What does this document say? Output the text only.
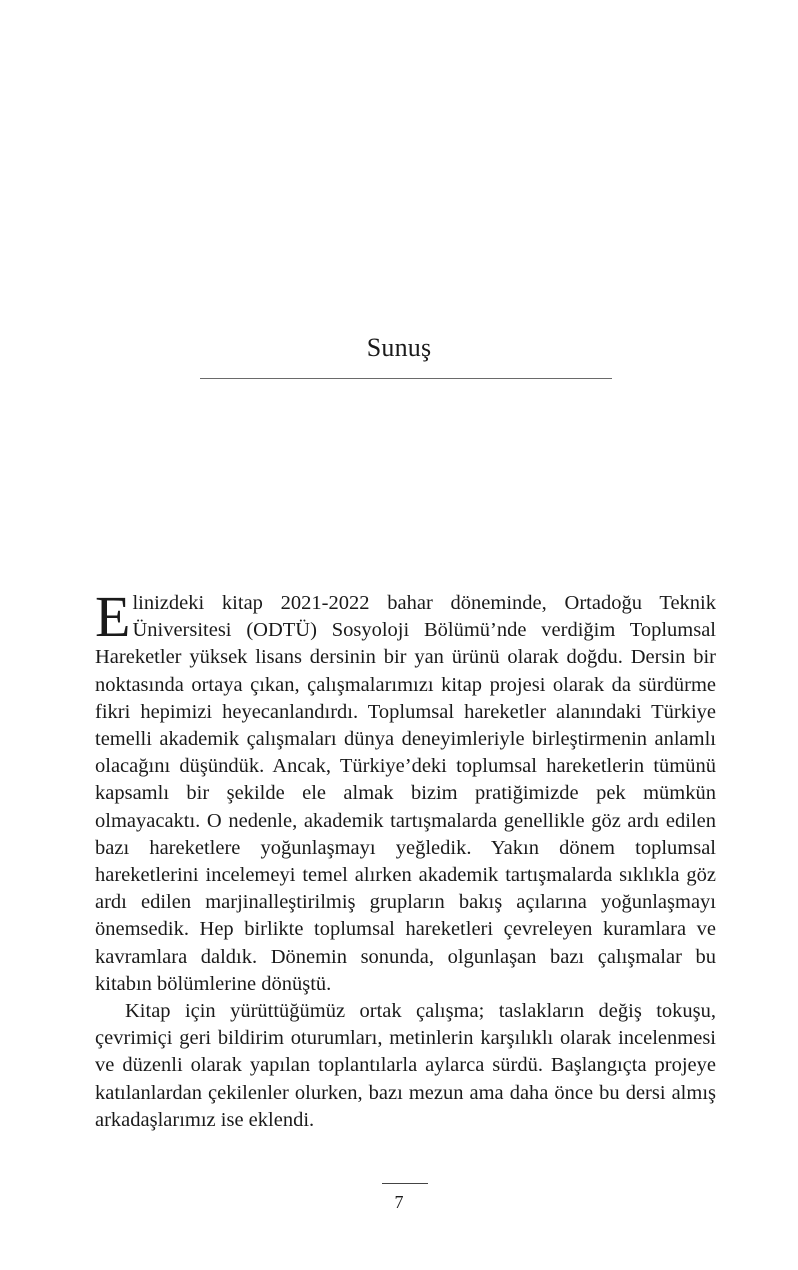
Sunuş

Elinizdeki kitap 2021-2022 bahar döneminde, Ortadoğu Teknik Üniversitesi (ODTÜ) Sosyoloji Bölümü’nde verdiğim Toplumsal Hareketler yüksek lisans dersinin bir yan ürünü olarak doğdu. Dersin bir noktasında ortaya çıkan, çalışmalarımızı kitap projesi olarak da sürdürme fikri hepimizi heyecanlandırdı. Toplumsal hareketler alanındaki Türkiye temelli akademik çalışmaları dünya deneyimleriyle birleştirmenin anlamlı olacağını düşündük. Ancak, Türkiye’deki toplumsal hareketlerin tümünü kapsamlı bir şekilde ele almak bizim pratiğimizde pek mümkün olmayacaktı. O nedenle, akademik tartışmalarda genellikle göz ardı edilen bazı hareketlere yoğunlaşmayı yeğledik. Yakın dönem toplumsal hareketlerini incelemeyi temel alırken akademik tartışmalarda sıklıkla göz ardı edilen marjinalleştirilmiş grupların bakış açılarına yoğunlaşmayı önemsedik. Hep birlikte toplumsal hareketleri çevreleyen kuramlara ve kavramlara daldık. Dönemin sonunda, olgunlaşan bazı çalışmalar bu kitabın bölümlerine dönüştü.

Kitap için yürüttüğümüz ortak çalışma; taslakların değiş tokuşu, çevrimiçi geri bildirim oturumları, metinlerin karşılıklı olarak incelenmesi ve düzenli olarak yapılan toplantılarla aylarca sürdü. Başlangıçta projeye katılanlardan çekilenler olurken, bazı mezun ama daha önce bu dersi almış arkadaşlarımız ise eklendi.

7
